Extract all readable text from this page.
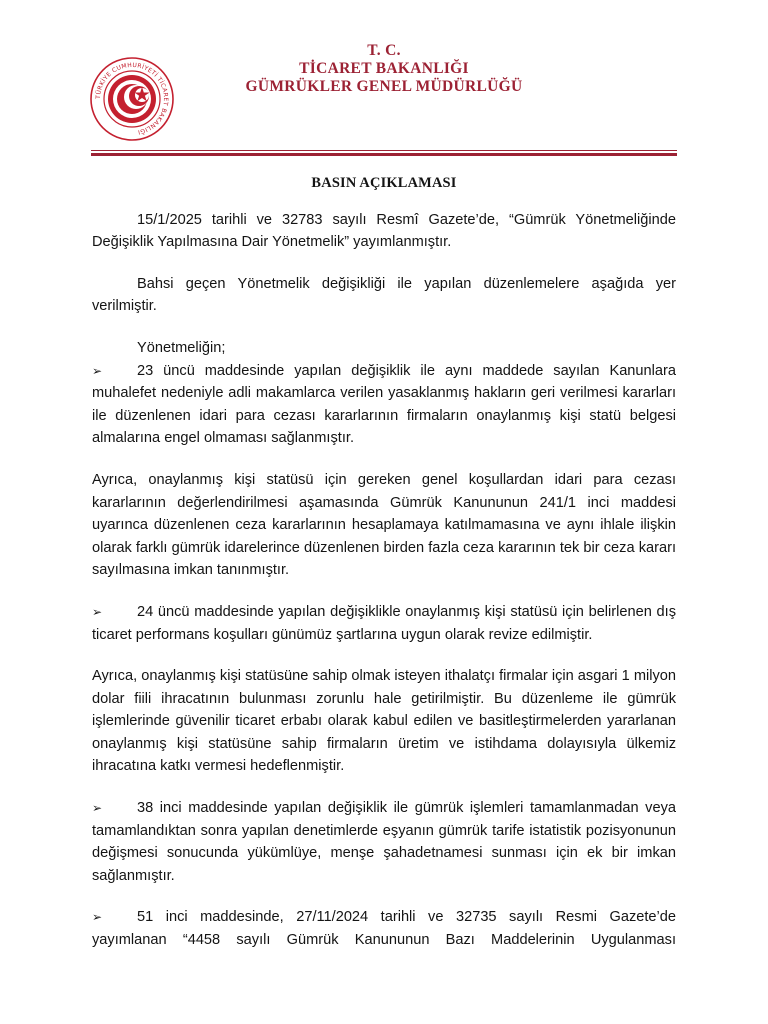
TÜRKİYE CUMHURİYETİ TİCARET BAKANLIĞI
T. C.
TİCARET BAKANLIĞI
GÜMRÜKLER GENEL MÜDÜRLÜĞÜ
BASIN AÇIKLAMASI

15/1/2025 tarihli ve 32783 sayılı Resmî Gazete’de, “Gümrük Yönetmeliğinde Değişiklik Yapılmasına Dair Yönetmelik” yayımlanmıştır.

Bahsi geçen Yönetmelik değişikliği ile yapılan düzenlemelere aşağıda yer verilmiştir.

Yönetmeliğin;

➢ 23 üncü maddesinde yapılan değişiklik ile aynı maddede sayılan Kanunlara muhalefet nedeniyle adli makamlarca verilen yasaklanmış hakların geri verilmesi kararları ile düzenlenen idari para cezası kararlarının firmaların onaylanmış kişi statü belgesi almalarına engel olmaması sağlanmıştır.

Ayrıca, onaylanmış kişi statüsü için gereken genel koşullardan idari para cezası kararlarının değerlendirilmesi aşamasında Gümrük Kanununun 241/1 inci maddesi uyarınca düzenlenen ceza kararlarının hesaplamaya katılmamasına ve aynı ihlale ilişkin olarak farklı gümrük idarelerince düzenlenen birden fazla ceza kararının tek bir ceza kararı sayılmasına imkan tanınmıştır.

➢ 24 üncü maddesinde yapılan değişiklikle onaylanmış kişi statüsü için belirlenen dış ticaret performans koşulları günümüz şartlarına uygun olarak revize edilmiştir.

Ayrıca, onaylanmış kişi statüsüne sahip olmak isteyen ithalatçı firmalar için asgari 1 milyon dolar fiili ihracatının bulunması zorunlu hale getirilmiştir. Bu düzenleme ile gümrük işlemlerinde güvenilir ticaret erbabı olarak kabul edilen ve basitleştirmelerden yararlanan onaylanmış kişi statüsüne sahip firmaların üretim ve istihdama dolayısıyla ülkemiz ihracatına katkı vermesi hedeflenmiştir.

➢ 38 inci maddesinde yapılan değişiklik ile gümrük işlemleri tamamlanmadan veya tamamlandıktan sonra yapılan denetimlerde eşyanın gümrük tarife istatistik pozisyonunun değişmesi sonucunda yükümlüye, menşe şahadetnamesi sunması için ek bir imkan sağlanmıştır.

➢ 51 inci maddesinde, 27/11/2024 tarihli ve 32735 sayılı Resmi Gazete’de yayımlanan “4458 sayılı Gümrük Kanununun Bazı Maddelerinin Uygulanması
